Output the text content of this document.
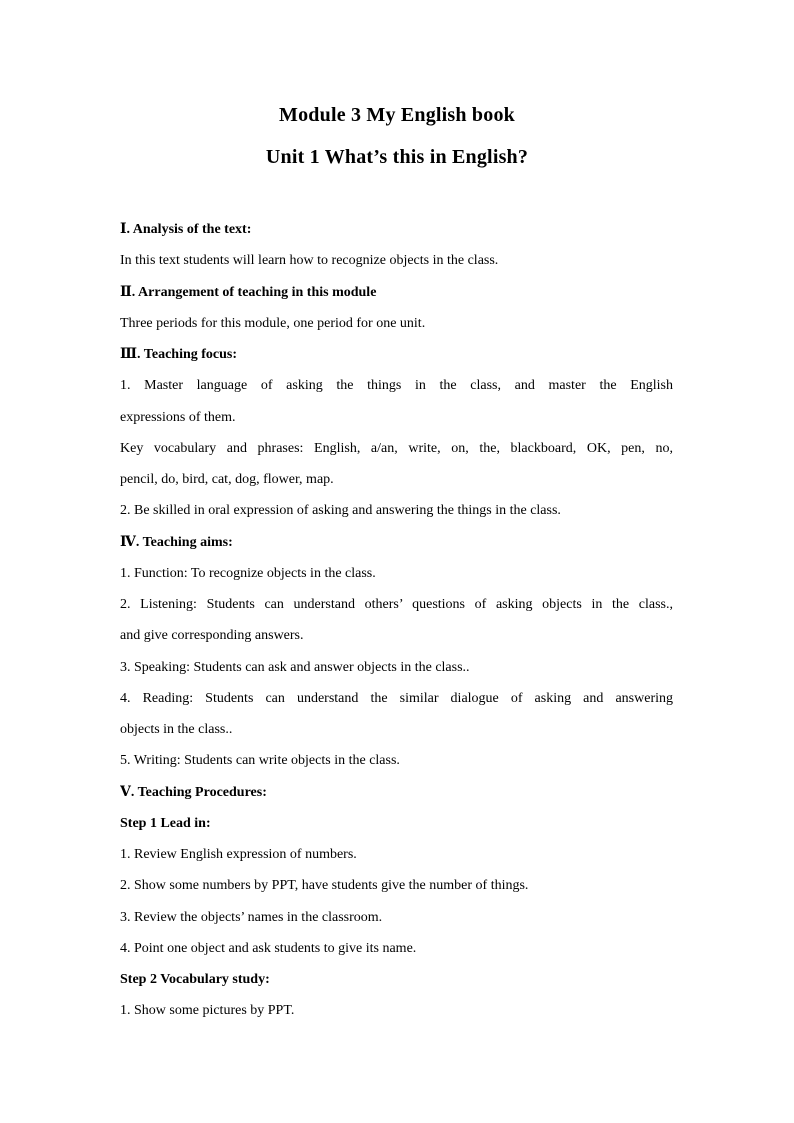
Module 3 My English book
Unit 1 What’s this in English?
Ⅰ. Analysis of the text:
In this text students will learn how to recognize objects in the class.
Ⅱ. Arrangement of teaching in this module
Three periods for this module, one period for one unit.
Ⅲ. Teaching focus:
1. Master language of asking the things in the class, and master the English
expressions of them.
Key vocabulary and phrases: English, a/an, write, on, the, blackboard, OK, pen, no,
pencil, do, bird, cat, dog, flower, map.
2. Be skilled in oral expression of asking and answering the things in the class.
Ⅳ. Teaching aims:
1. Function: To recognize objects in the class.
2. Listening: Students can understand others’ questions of asking objects in the class.,
and give corresponding answers.
3. Speaking: Students can ask and answer objects in the class..
4. Reading: Students can understand the similar dialogue of asking and answering
objects in the class..
5. Writing: Students can write objects in the class.
Ⅴ. Teaching Procedures:
Step 1 Lead in:
1. Review English expression of numbers.
2. Show some numbers by PPT, have students give the number of things.
3. Review the objects’ names in the classroom.
4. Point one object and ask students to give its name.
Step 2 Vocabulary study:
1. Show some pictures by PPT.
